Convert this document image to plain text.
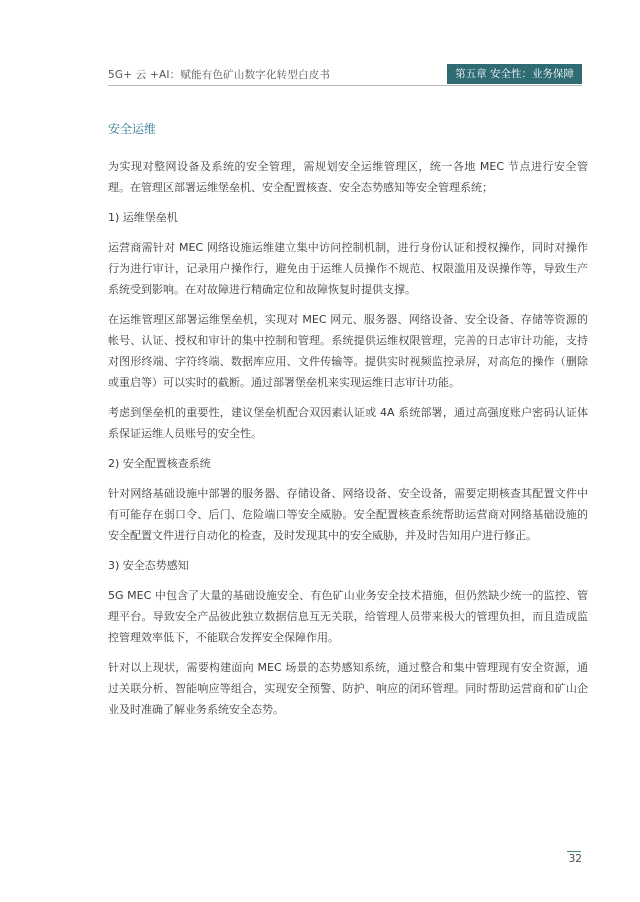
5G+ 云 +AI：赋能有色矿山数字化转型白皮书	第五章 安全性：业务保障
安全运维
为实现对整网设备及系统的安全管理，需规划安全运维管理区，统一各地 MEC 节点进行安全管理。在管理区部署运维堡垒机、安全配置核查、安全态势感知等安全管理系统；
1) 运维堡垒机
运营商需针对 MEC 网络设施运维建立集中访问控制机制，进行身份认证和授权操作，同时对操作行为进行审计，记录用户操作行，避免由于运维人员操作不规范、权限滥用及误操作等，导致生产系统受到影响。在对故障进行精确定位和故障恢复时提供支撑。
在运维管理区部署运维堡垒机，实现对 MEC 网元、服务器、网络设备、安全设备、存储等资源的帐号、认证、授权和审计的集中控制和管理。系统提供运维权限管理，完善的日志审计功能，支持对图形终端、字符终端、数据库应用、文件传输等。提供实时视频监控录屏，对高危的操作（删除或重启等）可以实时的截断。通过部署堡垒机来实现运维日志审计功能。
考虑到堡垒机的重要性，建议堡垒机配合双因素认证或 4A 系统部署，通过高强度账户密码认证体系保证运维人员账号的安全性。
2) 安全配置核查系统
针对网络基础设施中部署的服务器、存储设备、网络设备、安全设备，需要定期核查其配置文件中有可能存在弱口令、后门、危险端口等安全威胁。安全配置核查系统帮助运营商对网络基础设施的安全配置文件进行自动化的检查，及时发现其中的安全威胁，并及时告知用户进行修正。
3) 安全态势感知
5G MEC 中包含了大量的基础设施安全、有色矿山业务安全技术措施，但仍然缺少统一的监控、管理平台。导致安全产品彼此独立数据信息互无关联，给管理人员带来极大的管理负担，而且造成监控管理效率低下，不能联合发挥安全保障作用。
针对以上现状，需要构建面向 MEC 场景的态势感知系统，通过整合和集中管理现有安全资源，通过关联分析、智能响应等组合，实现安全预警、防护、响应的闭环管理。同时帮助运营商和矿山企业及时准确了解业务系统安全态势。
32
